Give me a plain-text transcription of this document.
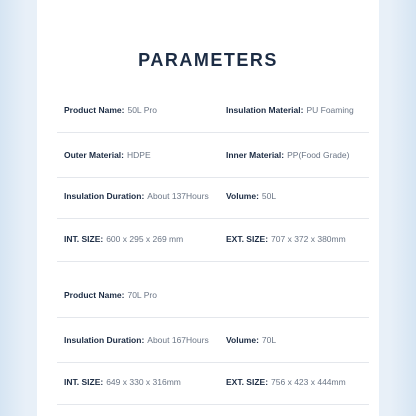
PARAMETERS
Product Name: 50L Pro	Insulation Material: PU Foaming
Outer Material: HDPE	Inner Material: PP(Food Grade)
Insulation Duration: About 137Hours Volume: 50L
INT. SIZE: 600 x 295 x 269 mm	EXT. SIZE: 707 x 372 x 380mm
Product Name: 70L Pro
Insulation Duration: About 167Hours Volume: 70L
INT. SIZE: 649 x 330 x 316mm	EXT. SIZE: 756 x 423 x 444mm
